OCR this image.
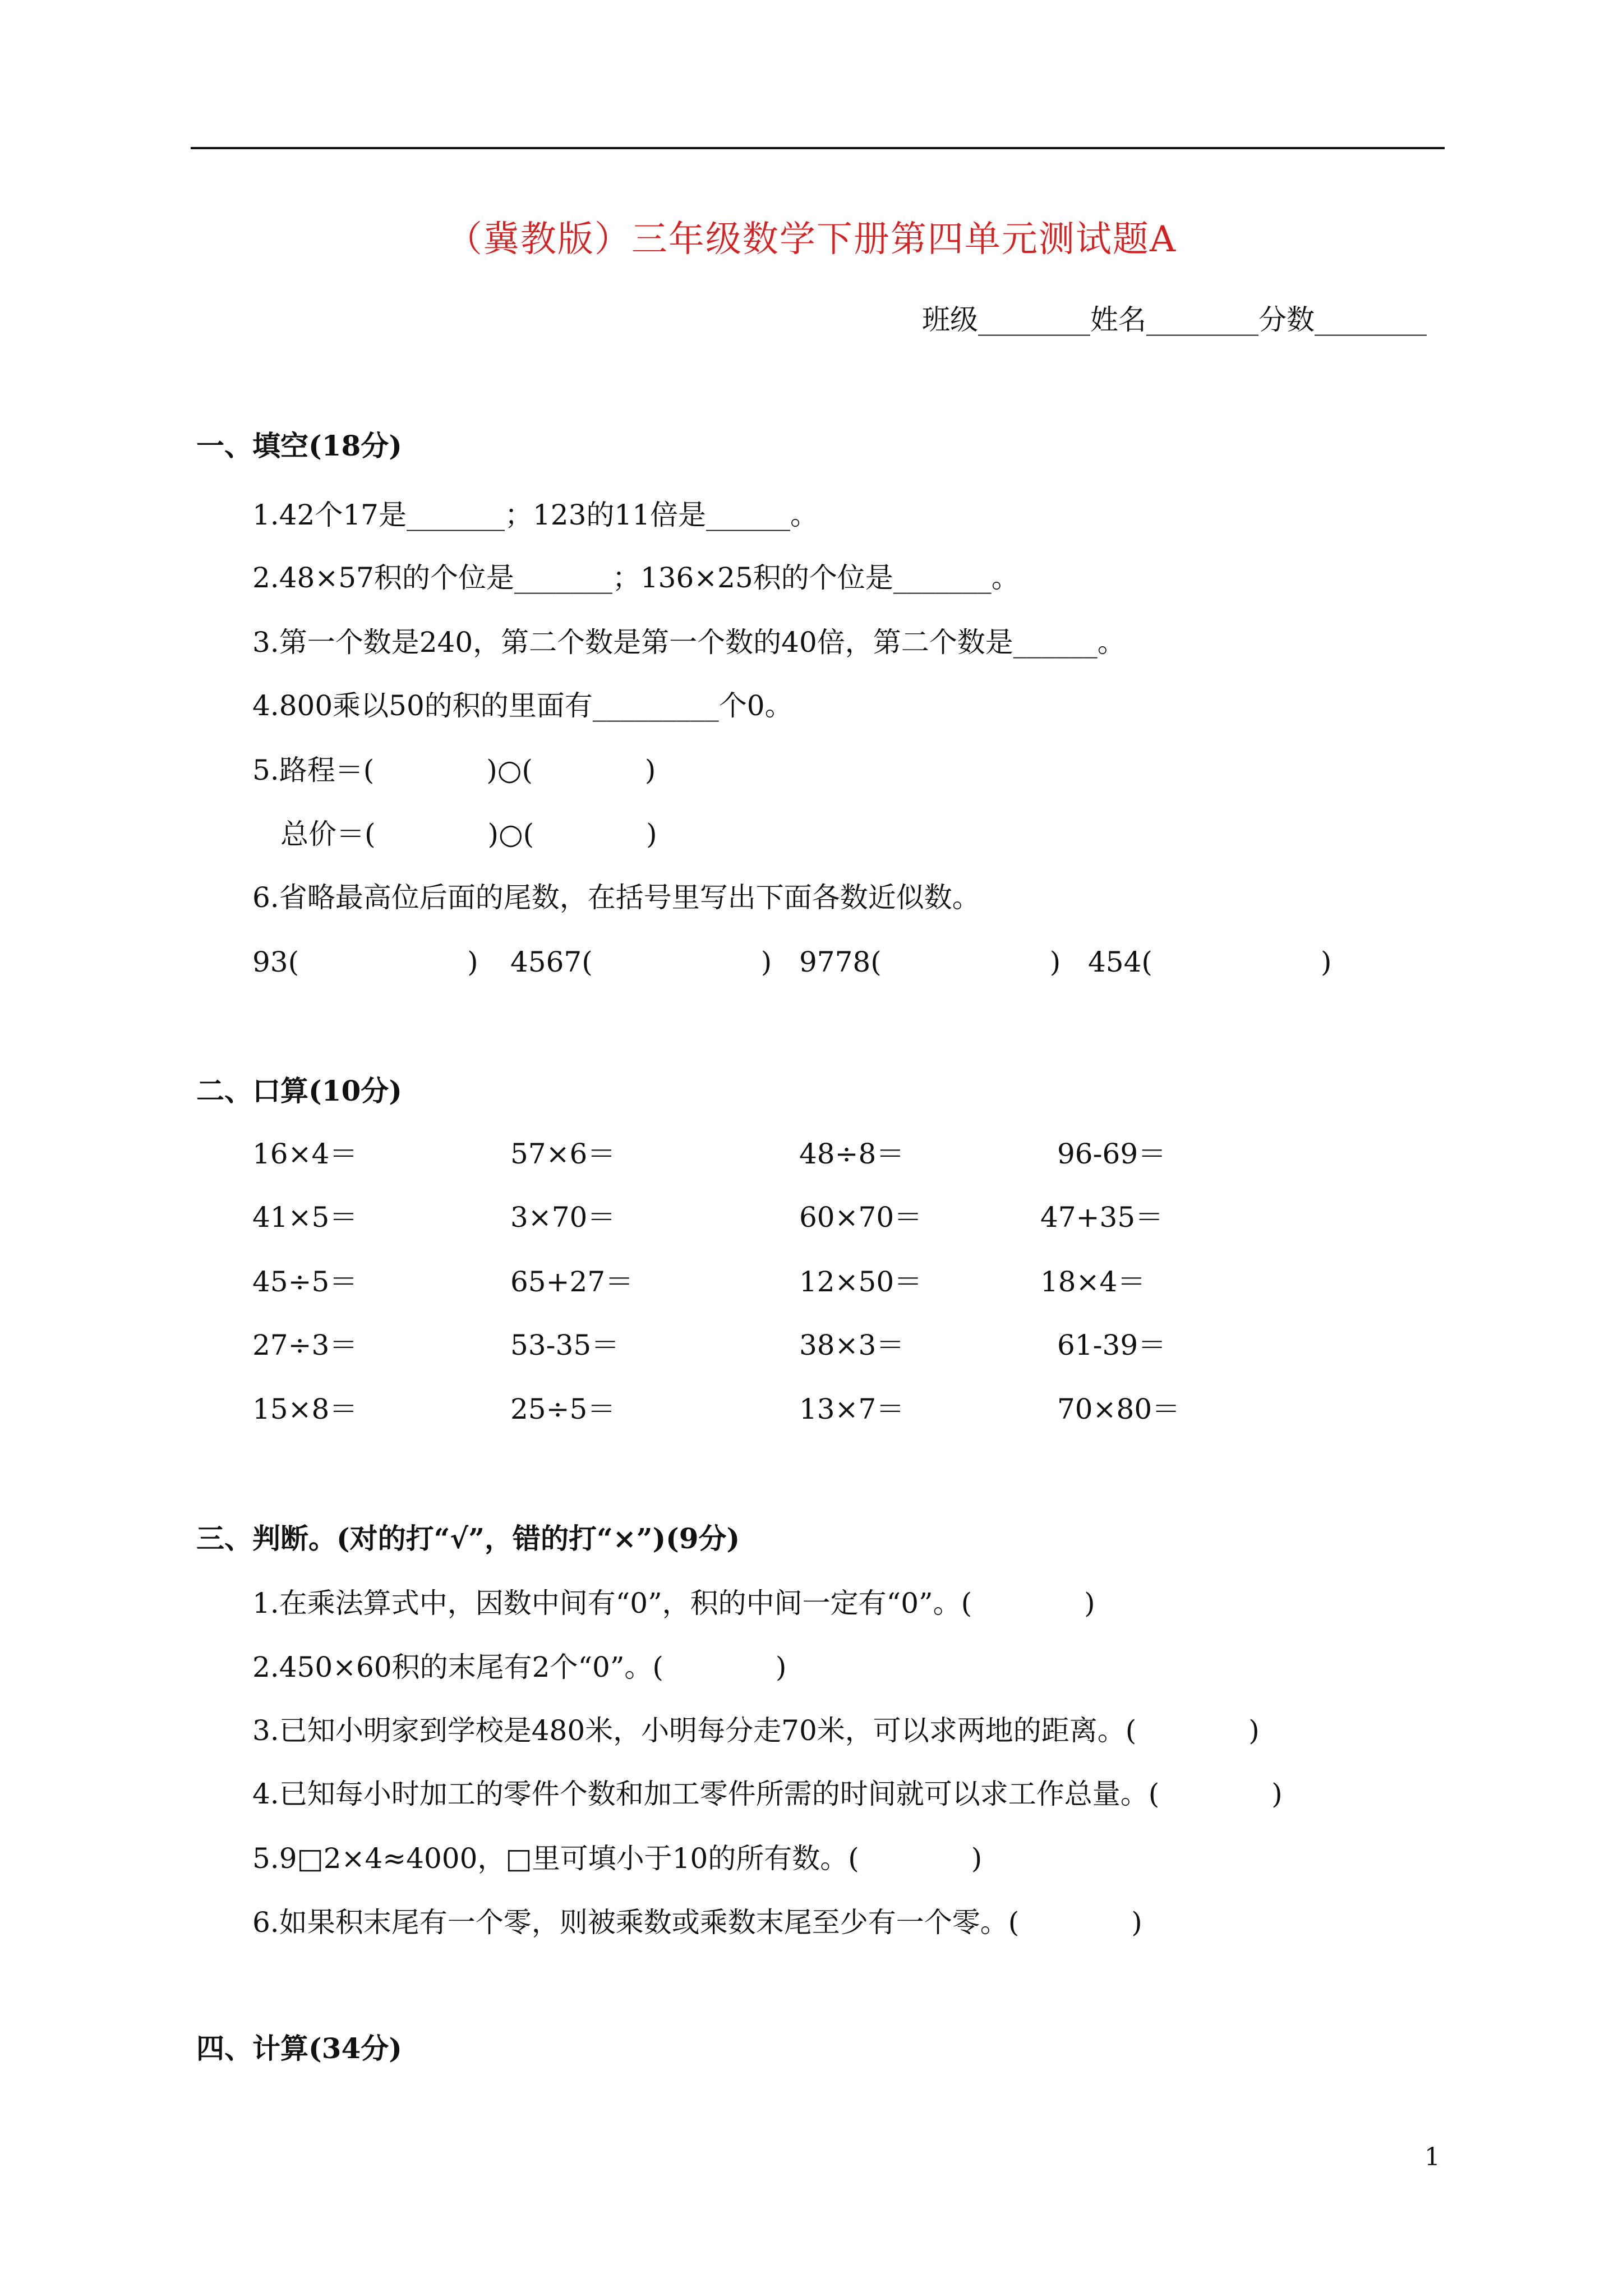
（冀教版）三年级数学下册第四单元测试题A
班级________姓名________分数________
一、填空(18分)
1.42个17是_______；123的11倍是______。
2.48×57积的个位是_______；136×25积的个位是_______。
3.第一个数是240，第二个数是第一个数的40倍，第二个数是______。
4.800乘以50的积的里面有_________个0。
5.路程＝(　　　　)○(　　　　)
　总价＝(　　　　)○(　　　　)
6.省略最高位后面的尾数，在括号里写出下面各数近似数。
93(　　　　　　) 4567(　　　　　　) 9778(　　　　　　) 454(　　　　　　)
二、口算(10分)
16×4＝	57×6＝	48÷8＝	96-69＝
41×5＝	3×70＝	60×70＝	47+35＝
45÷5＝	65+27＝	12×50＝	18×4＝
27÷3＝	53-35＝	38×3＝	61-39＝
15×8＝	25÷5＝	13×7＝	70×80＝
三、判断。(对的打“√”，错的打“×”)(9分)
1.在乘法算式中，因数中间有“0”，积的中间一定有“0”。(　　　　)
2.450×60积的末尾有2个“0”。(　　　　)
3.已知小明家到学校是480米，小明每分走70米，可以求两地的距离。(　　　　)
4.已知每小时加工的零件个数和加工零件所需的时间就可以求工作总量。(　　　　)
5.9□2×4≈4000，□里可填小于10的所有数。(　　　　)
6.如果积末尾有一个零，则被乘数或乘数末尾至少有一个零。(　　　　)
四、计算(34分)
1
